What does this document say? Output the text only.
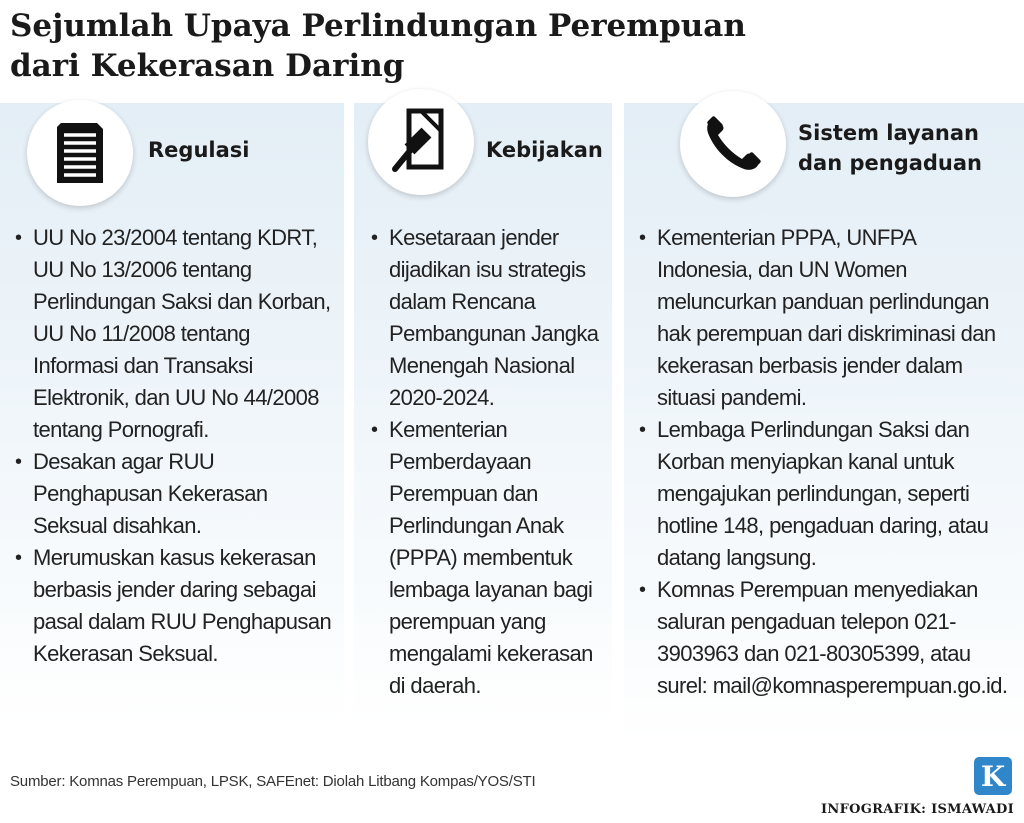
Sejumlah Upaya Perlindungan Perempuan
dari Kekerasan Daring
Regulasi
• UU No 23/2004 tentang KDRT, UU No 13/2006 tentang Perlindungan Saksi dan Korban, UU No 11/2008 tentang Informasi dan Transaksi Elektronik, dan UU No 44/2008 tentang Pornografi.
• Desakan agar RUU Penghapusan Kekerasan Seksual disahkan.
• Merumuskan kasus kekerasan berbasis jender daring sebagai pasal dalam RUU Penghapusan Kekerasan Seksual.
Kebijakan
• Kesetaraan jender dijadikan isu strategis dalam Rencana Pembangunan Jangka Menengah Nasional 2020-2024.
• Kementerian Pemberdayaan Perempuan dan Perlindungan Anak (PPPA) membentuk lembaga layanan bagi perempuan yang mengalami kekerasan di daerah.
Sistem layanan
dan pengaduan
• Kementerian PPPA, UNFPA Indonesia, dan UN Women meluncurkan panduan perlindungan hak perempuan dari diskriminasi dan kekerasan berbasis jender dalam situasi pandemi.
• Lembaga Perlindungan Saksi dan Korban menyiapkan kanal untuk mengajukan perlindungan, seperti hotline 148, pengaduan daring, atau datang langsung.
• Komnas Perempuan menyediakan saluran pengaduan telepon 021-3903963 dan 021-80305399, atau surel: mail@komnasperempuan.go.id.
Sumber: Komnas Perempuan, LPSK, SAFEnet: Diolah Litbang Kompas/YOS/STI	K
INFOGRAFIK: ISMAWADI
